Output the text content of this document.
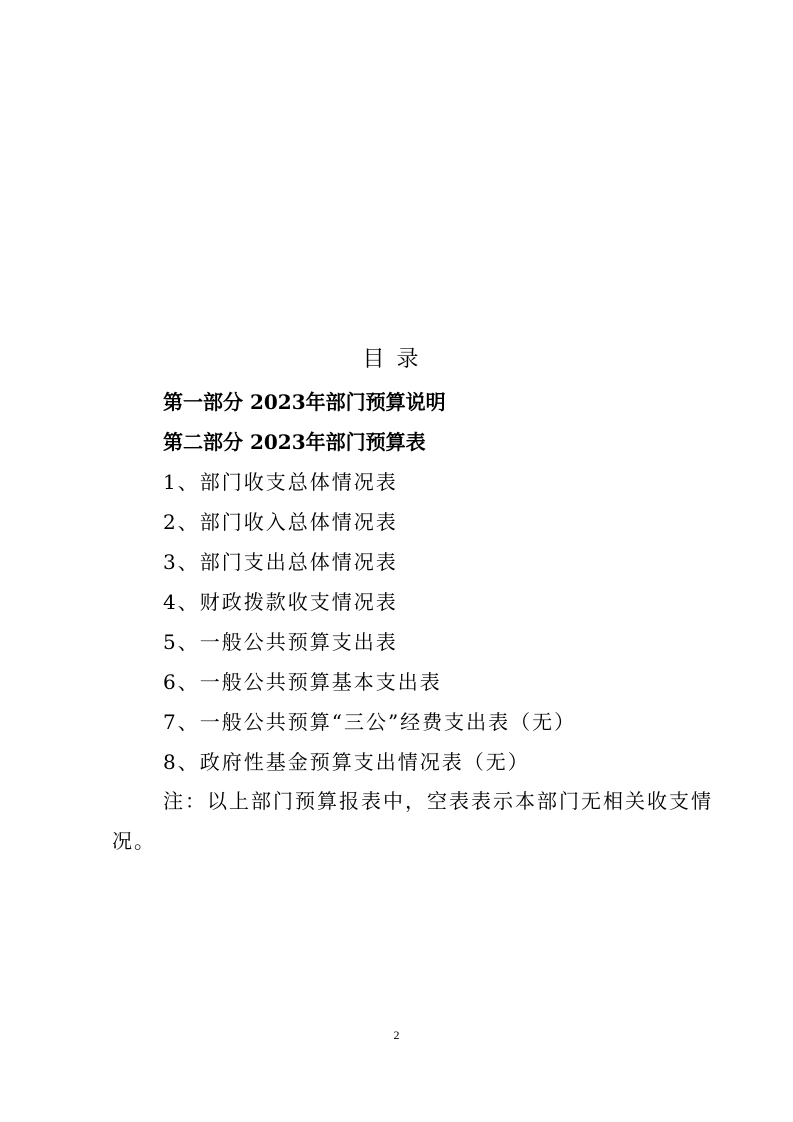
目录
第一部分 2023年部门预算说明
第二部分 2023年部门预算表
1、部门收支总体情况表
2、部门收入总体情况表
3、部门支出总体情况表
4、财政拨款收支情况表
5、一般公共预算支出表
6、一般公共预算基本支出表
7、一般公共预算“三公”经费支出表（无）
8、政府性基金预算支出情况表（无）
注：以上部门预算报表中，空表表示本部门无相关收支情
况。
2
